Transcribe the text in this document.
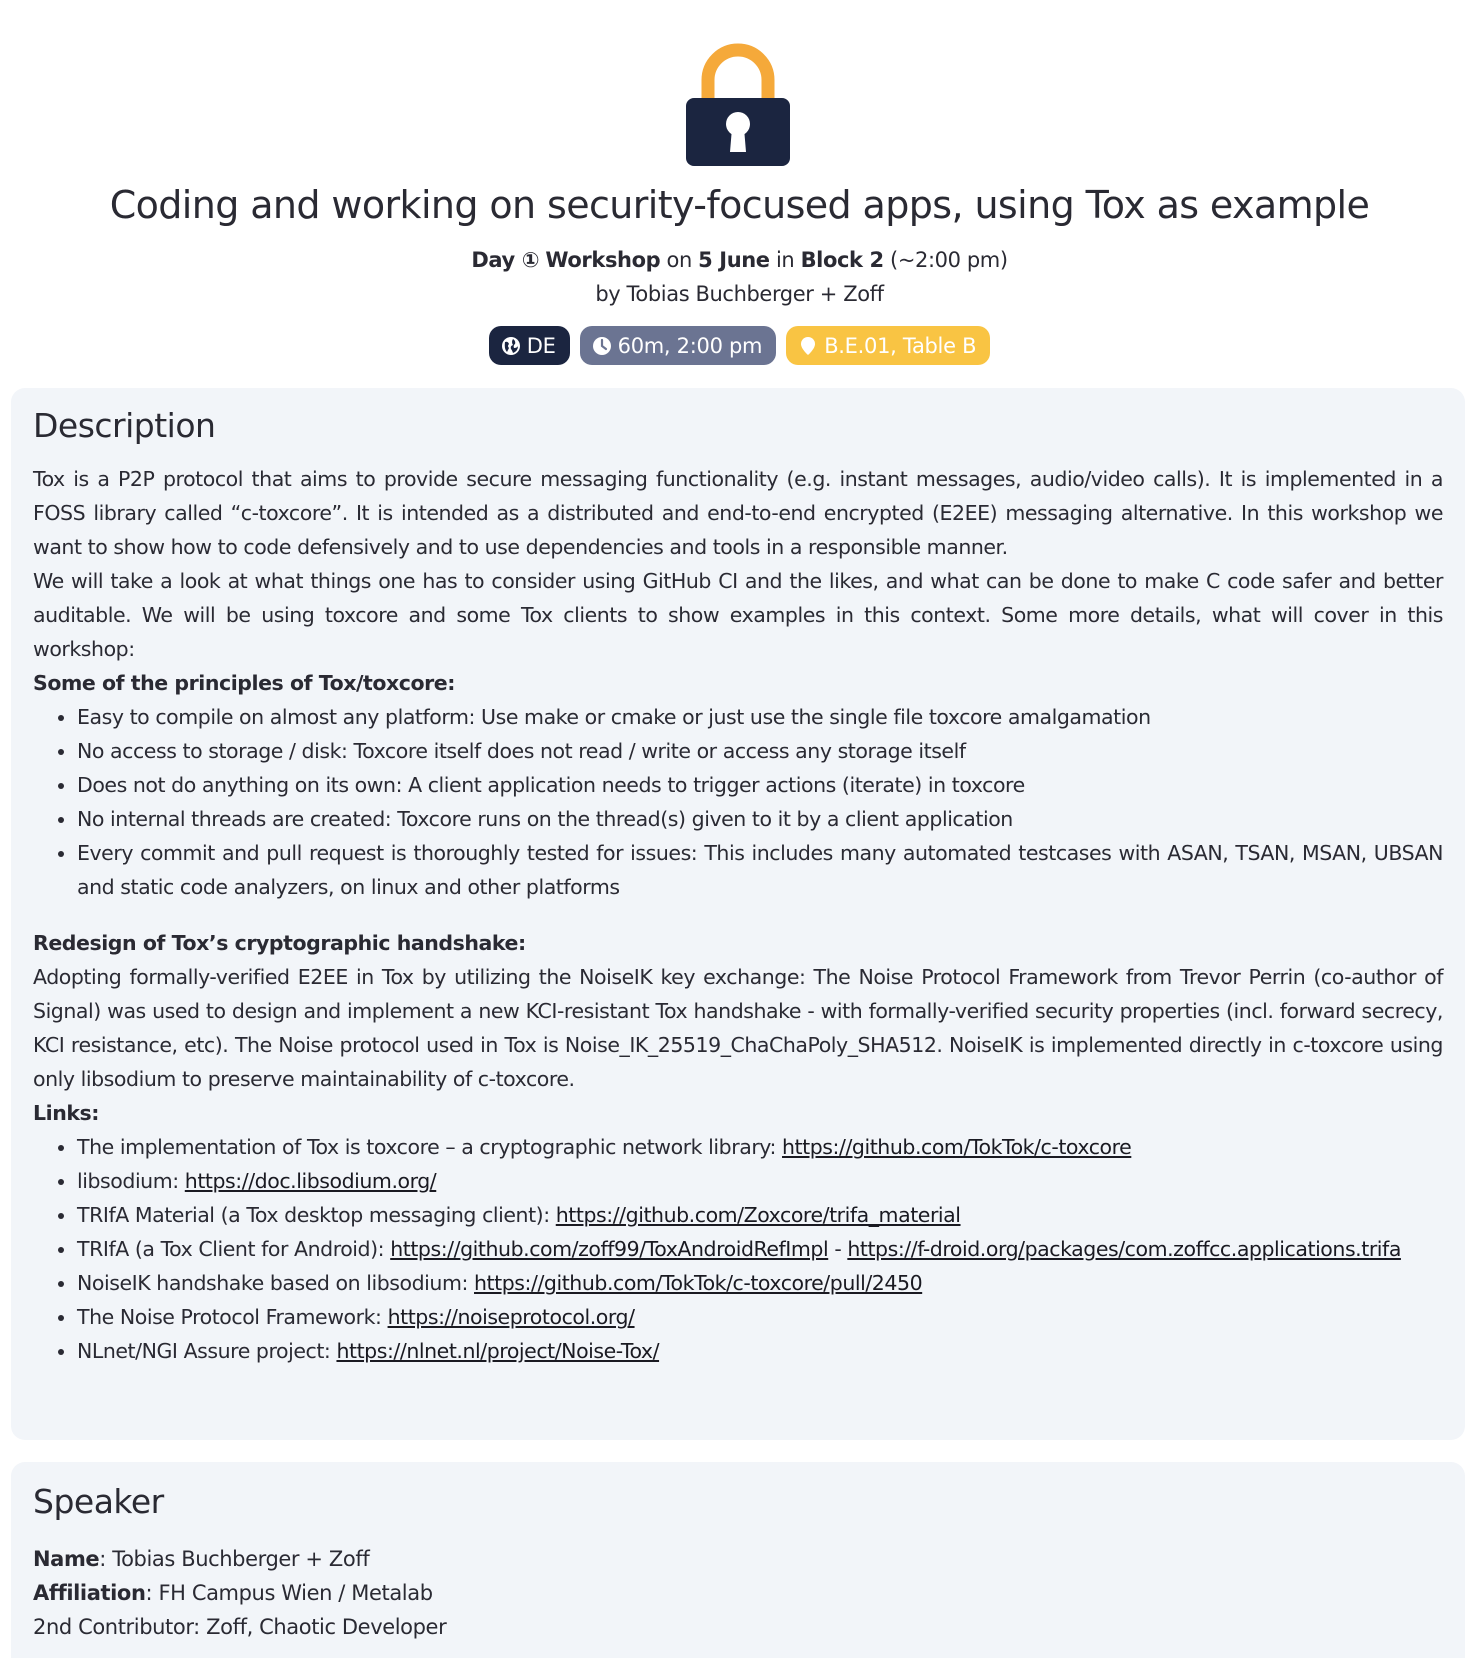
Coding and working on security-focused apps, using Tox as example
Day ① Workshop on 5 June in Block 2 (~2:00 pm)
by Tobias Buchberger + Zoff
DE	60m, 2:00 pm	B.E.01, Table B
Description

Tox is a P2P protocol that aims to provide secure messaging functionality (e.g. instant messages, audio/video calls). It is implemented in a FOSS library called “c-toxcore”. It is intended as a distributed and end-to-end encrypted (E2EE) messaging alternative. In this workshop we want to show how to code defensively and to use dependencies and tools in a responsible manner.

We will take a look at what things one has to consider using GitHub CI and the likes, and what can be done to make C code safer and better auditable. We will be using toxcore and some Tox clients to show examples in this context. Some more details, what will cover in this workshop:

Some of the principles of Tox/toxcore:

• Easy to compile on almost any platform: Use make or cmake or just use the single file toxcore amalgamation
• No access to storage / disk: Toxcore itself does not read / write or access any storage itself
• Does not do anything on its own: A client application needs to trigger actions (iterate) in toxcore
• No internal threads are created: Toxcore runs on the thread(s) given to it by a client application
• Every commit and pull request is thoroughly tested for issues: This includes many automated testcases with ASAN, TSAN, MSAN, UBSAN and static code analyzers, on linux and other platforms

Redesign of Tox’s cryptographic handshake:

Adopting formally-verified E2EE in Tox by utilizing the NoiseIK key exchange: The Noise Protocol Framework from Trevor Perrin (co-author of Signal) was used to design and implement a new KCI-resistant Tox handshake - with formally-verified security properties (incl. forward secrecy, KCI resistance, etc). The Noise protocol used in Tox is Noise_IK_25519_ChaChaPoly_SHA512. NoiseIK is implemented directly in c-toxcore using only libsodium to preserve maintainability of c-toxcore.

Links:

• The implementation of Tox is toxcore – a cryptographic network library: https://github.com/TokTok/c-toxcore
• libsodium: https://doc.libsodium.org/
• TRIfA Material (a Tox desktop messaging client): https://github.com/Zoxcore/trifa_material
• TRIfA (a Tox Client for Android): https://github.com/zoff99/ToxAndroidRefImpl - https://f-droid.org/packages/com.zoffcc.applications.trifa
• NoiseIK handshake based on libsodium: https://github.com/TokTok/c-toxcore/pull/2450
• The Noise Protocol Framework: https://noiseprotocol.org/
• NLnet/NGI Assure project: https://nlnet.nl/project/Noise-Tox/
Speaker
Name: Tobias Buchberger + Zoff
Affiliation: FH Campus Wien / Metalab
2nd Contributor: Zoff, Chaotic Developer
